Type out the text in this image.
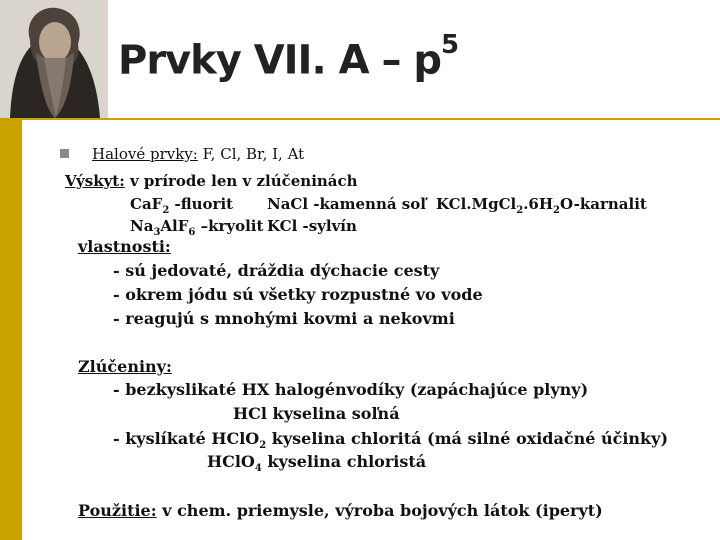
Prvky VII. A – $p^5$
Halové prvky: F, Cl, Br, I, At
Výskyt: v prírode len v zlúčeninách
CaF$_2$ -fluorit NaCl -kamenná soľ $KCl.MgCl_2.6H_2O$-karnalit
$Na_3AlF_6$ –kryolit KCl -sylvín
vlastnosti:
- sú jedovaté, dráždia dýchacie cesty
- okrem jódu sú všetky rozpustné vo vode
- reagujú s mnohými kovmi a nekovmi
Zlúčeniny:
- bezkyslikaté HX halogénvodíky (zapáchajúce plyny)
HCl kyselina soľná
- kyslíkaté HClO$_2$ kyselina chloritá (má silné oxidačné účinky)
HClO$_4$ kyselina chloristá
Použitie: v chem. priemysle, výroba bojových látok (iperyt)
